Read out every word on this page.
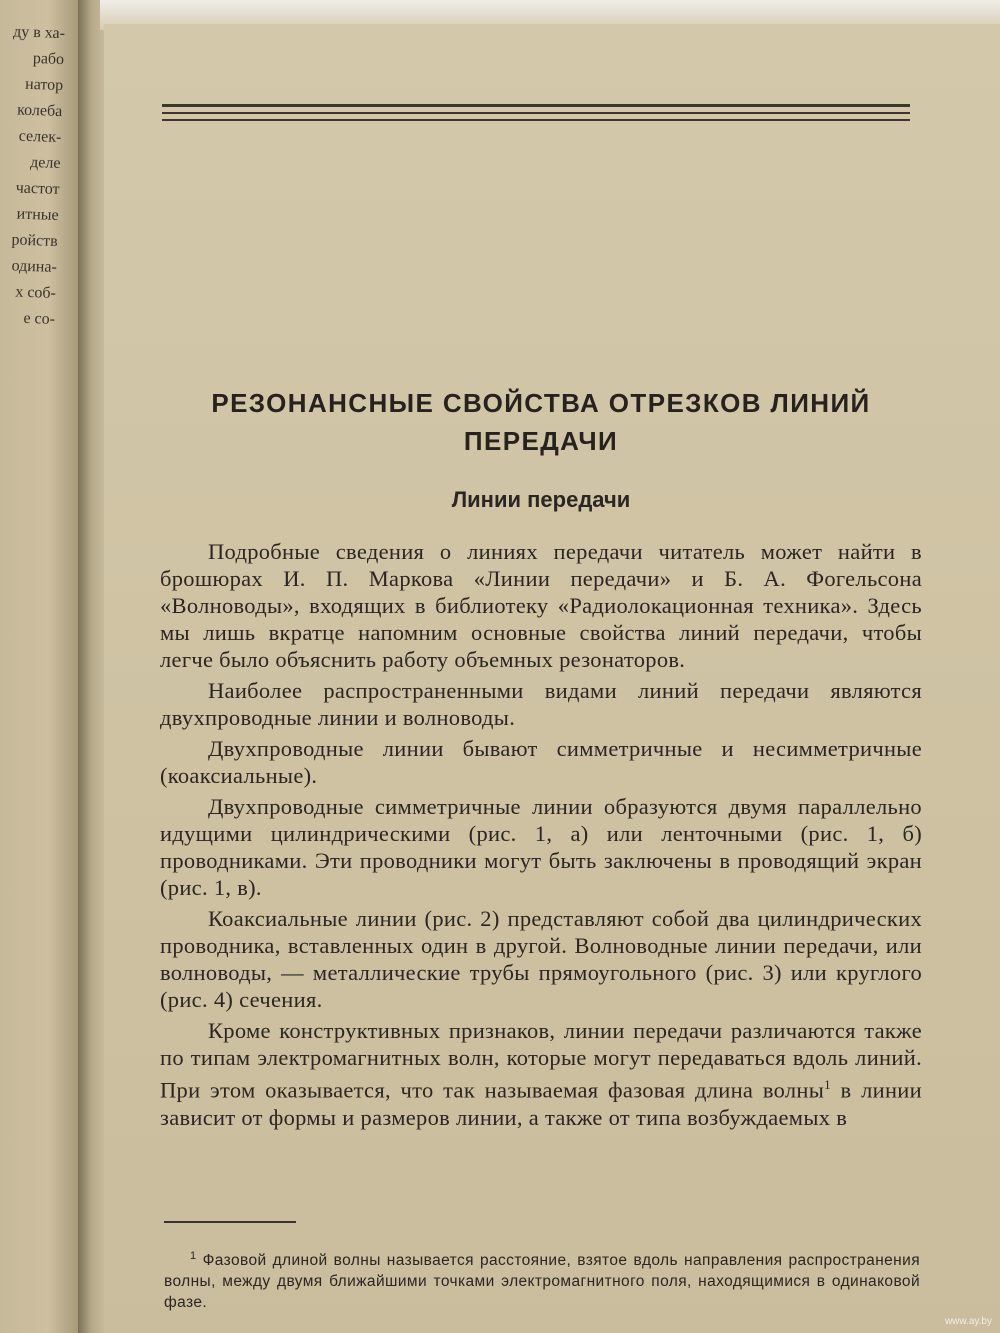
ду в ха-
рабо
натор
колеба
селек-
деле
частот
итные
ройств
одина-
х соб-
е со-
РЕЗОНАНСНЫЕ СВОЙСТВА ОТРЕЗКОВ ЛИНИЙ ПЕРЕДАЧИ
Линии передачи

Подробные сведения о линиях передачи читатель может найти в брошюрах И. П. Маркова «Линии передачи» и Б. А. Фогельсона «Волноводы», входящих в библиотеку «Радиолокационная техника». Здесь мы лишь вкратце напомним основные свойства линий передачи, чтобы легче было объяснить работу объемных резонаторов.

Наиболее распространенными видами линий передачи являются двухпроводные линии и волноводы.

Двухпроводные линии бывают симметричные и несимметричные (коаксиальные).

Двухпроводные симметричные линии образуются двумя параллельно идущими цилиндрическими (рис. 1, а) или ленточными (рис. 1, б) проводниками. Эти проводники могут быть заключены в проводящий экран (рис. 1, в).

Коаксиальные линии (рис. 2) представляют собой два цилиндрических проводника, вставленных один в другой. Волноводные линии передачи, или волноводы, — металлические трубы прямоугольного (рис. 3) или круглого (рис. 4) сечения.

Кроме конструктивных признаков, линии передачи различаются также по типам электромагнитных волн, которые могут передаваться вдоль линий. При этом оказывается, что так называемая фазовая длина волны$^1$ в линии зависит от формы и размеров линии, а также от типа возбуждаемых в

$^1$ Фазовой длиной волны называется расстояние, взятое вдоль направления распространения волны, между двумя ближайшими точками электромагнитного поля, находящимися в одинаковой фазе.

www.ay.by
